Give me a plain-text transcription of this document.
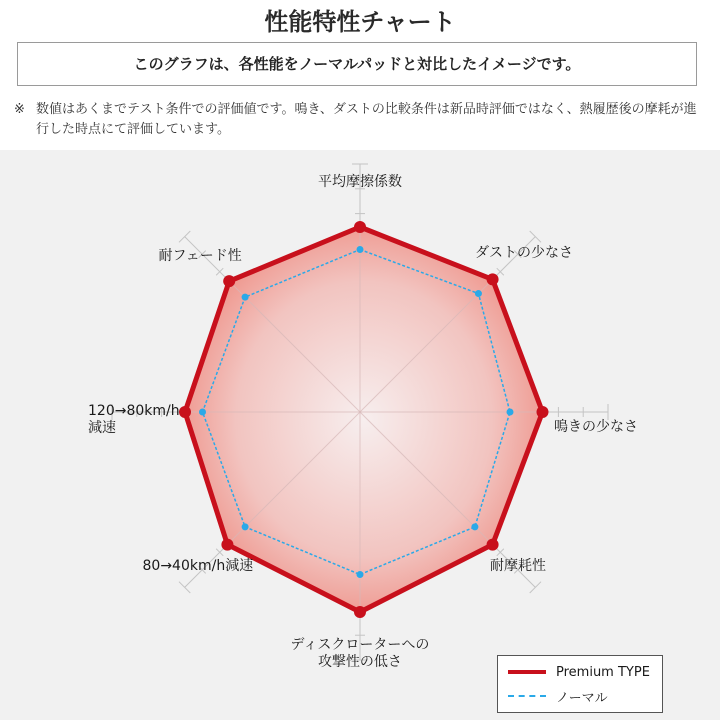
性能特性チャート
このグラフは、各性能をノーマルパッドと対比したイメージです。
※ 数値はあくまでテスト条件での評価値です。鳴き、ダストの比較条件は新品時評価ではなく、熱履歴後の摩耗が進行した時点にて評価しています。
平均摩擦係数
ダストの少なさ
鳴きの少なさ
耐摩耗性
ディスクローターへの
攻撃性の低さ
80→40km/h減速
120→80km/h
減速
耐フェード性
Premium TYPE
ノーマル
